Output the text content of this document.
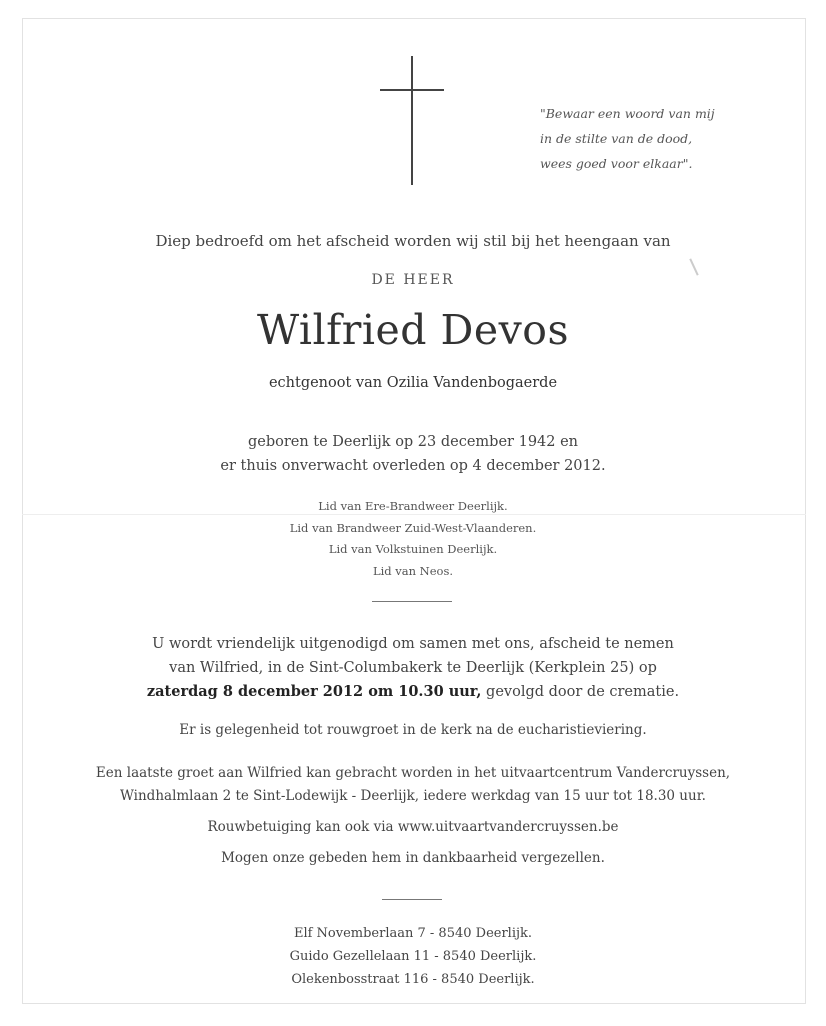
"Bewaar een woord van mij
in de stilte van de dood,
wees goed voor elkaar".
Diep bedroefd om het afscheid worden wij stil bij het heengaan van
DE HEER
Wilfried Devos
echtgenoot van Ozilia Vandenbogaerde
geboren te Deerlijk op 23 december 1942 en
er thuis onverwacht overleden op 4 december 2012.
Lid van Ere-Brandweer Deerlijk.
Lid van Brandweer Zuid-West-Vlaanderen.
Lid van Volkstuinen Deerlijk.
Lid van Neos.
U wordt vriendelijk uitgenodigd om samen met ons, afscheid te nemen
van Wilfried, in de Sint-Columbakerk te Deerlijk (Kerkplein 25) op
zaterdag 8 december 2012 om 10.30 uur, gevolgd door de crematie.
Er is gelegenheid tot rouwgroet in de kerk na de eucharistieviering.
Een laatste groet aan Wilfried kan gebracht worden in het uitvaartcentrum Vandercruyssen,
Windhalmlaan 2 te Sint-Lodewijk - Deerlijk, iedere werkdag van 15 uur tot 18.30 uur.
Rouwbetuiging kan ook via www.uitvaartvandercruyssen.be
Mogen onze gebeden hem in dankbaarheid vergezellen.
Elf Novemberlaan 7 - 8540 Deerlijk.
Guido Gezellelaan 11 - 8540 Deerlijk.
Olekenbosstraat 116 - 8540 Deerlijk.
